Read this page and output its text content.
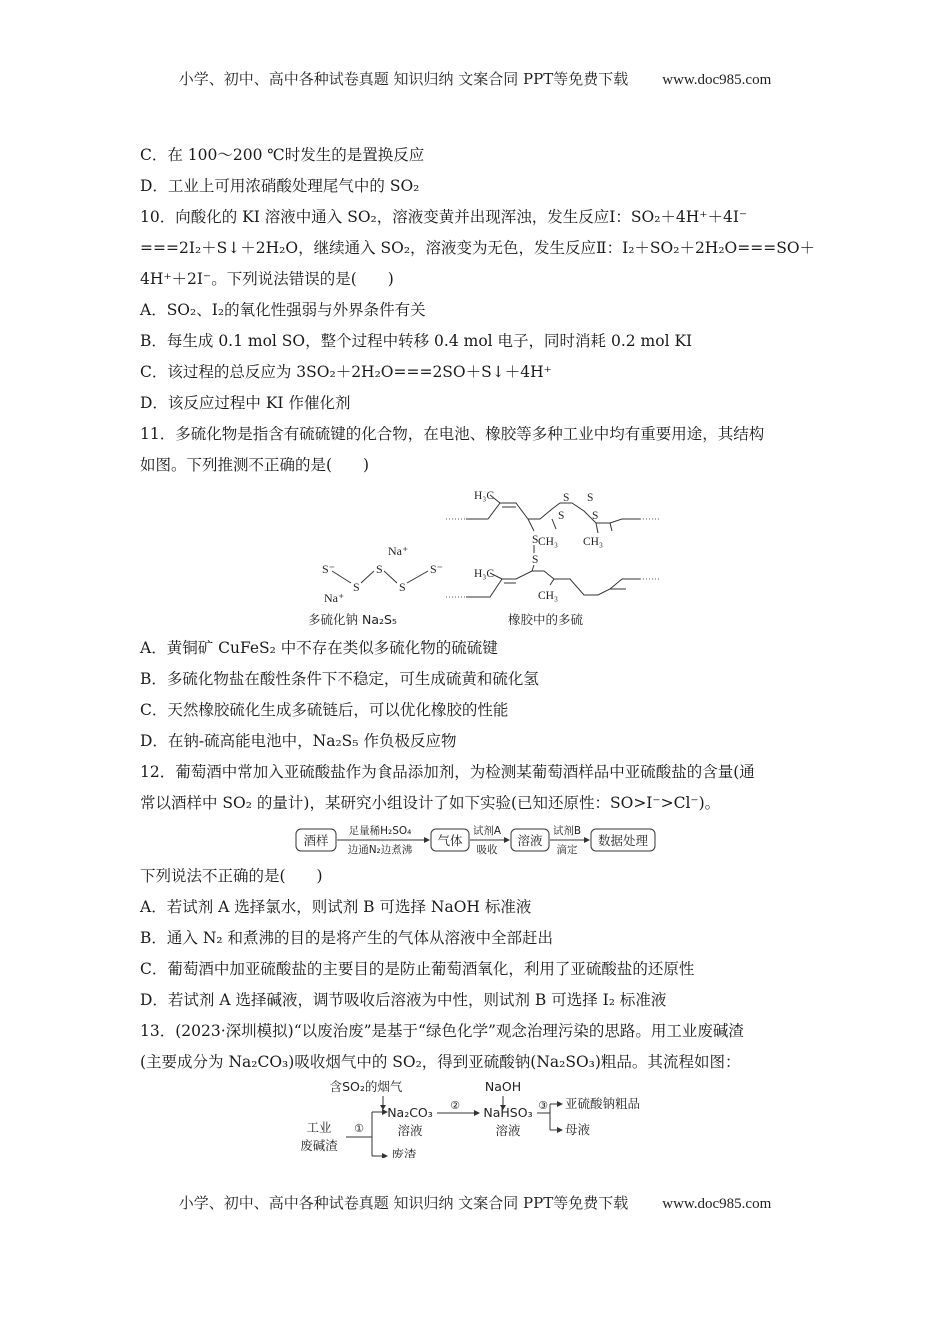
小学、初中、高中各种试卷真题 知识归纳 文案合同 PPT等免费下载 www.doc985.com
C．在 100～200 ℃时发生的是置换反应
D．工业上可用浓硝酸处理尾气中的 SO₂
10．向酸化的 KI 溶液中通入 SO₂，溶液变黄并出现浑浊，发生反应Ⅰ：SO₂＋4H⁺＋4I⁻
===2I₂＋S↓＋2H₂O，继续通入 SO₂，溶液变为无色，发生反应Ⅱ：I₂＋SO₂＋2H₂O===SO＋
4H⁺＋2I⁻。下列说法错误的是(　　)
A．SO₂、I₂的氧化性强弱与外界条件有关
B．每生成 0.1 mol SO，整个过程中转移 0.4 mol 电子，同时消耗 0.2 mol KI
C．该过程的总反应为 3SO₂＋2H₂O===2SO＋S↓＋4H⁺
D．该反应过程中 KI 作催化剂
11．多硫化物是指含有硫硫键的化合物，在电池、橡胶等多种工业中均有重要用途，其结构
如图。下列推测不正确的是(　　)
Na⁺
S⁻	S⁻
Na⁺
S
S
S
多硫化钠 Na₂S₅
H₃C
H₃C
S
S
S S
S S
CH₃ CH₃
CH₃
橡胶中的多硫
A．黄铜矿 CuFeS₂ 中不存在类似多硫化物的硫硫键
B．多硫化物盐在酸性条件下不稳定，可生成硫黄和硫化氢
C．天然橡胶硫化生成多硫链后，可以优化橡胶的性能
D．在钠-硫高能电池中，Na₂S₅ 作负极反应物
12．葡萄酒中常加入亚硫酸盐作为食品添加剂，为检测某葡萄酒样品中亚硫酸盐的含量(通
常以酒样中 SO₂ 的量计)，某研究小组设计了如下实验(已知还原性：SO>I⁻>Cl⁻)。
酒样
足量稀H₂SO₄
边通N₂边煮沸
气体
试剂A
吸收
溶液
试剂B
滴定
数据处理
下列说法不正确的是(　　)
A．若试剂 A 选择氯水，则试剂 B 可选择 NaOH 标准液
B．通入 N₂ 和煮沸的目的是将产生的气体从溶液中全部赶出
C．葡萄酒中加亚硫酸盐的主要目的是防止葡萄酒氧化，利用了亚硫酸盐的还原性
D．若试剂 A 选择碱液，调节吸收后溶液为中性，则试剂 B 可选择 I₂ 标准液
13．(2023·深圳模拟)“以废治废”是基于“绿色化学”观念治理污染的思路。用工业废碱渣
(主要成分为 Na₂CO₃)吸收烟气中的 SO₂，得到亚硫酸钠(Na₂SO₃)粗品。其流程如图：
含SO₂的烟气	NaOH
工业
废碱渣
①
Na₂CO₃
溶液
废渣
② NaHSO₃
溶液
③ 亚硫酸钠粗品
母液
小学、初中、高中各种试卷真题 知识归纳 文案合同 PPT等免费下载 www.doc985.com
